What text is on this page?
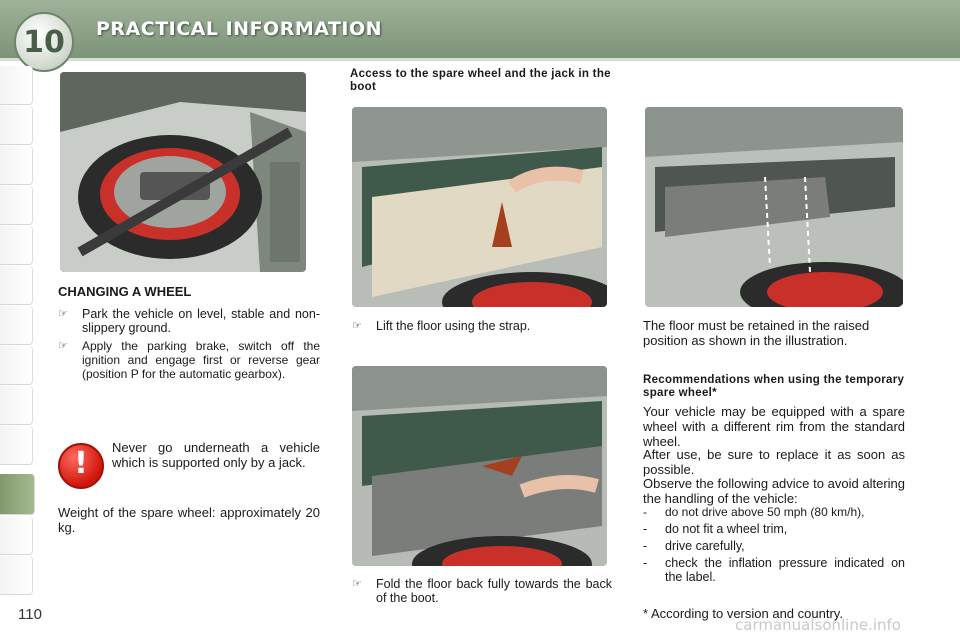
10 PRACTICAL INFORMATION
CHANGING A WHEEL
☞ Park the vehicle on level, stable and non-slippery ground.
☞ Apply the parking brake, switch off the ignition and engage first or reverse gear (position P for the automatic gearbox).
!	Never go underneath a vehicle which is supported only by a jack.
Weight of the spare wheel: approximately 20 kg.
Access to the spare wheel and the jack in the boot
☞ Lift the floor using the strap.
☞ Fold the floor back fully towards the back of the boot.
The floor must be retained in the raised position as shown in the illustration.
Recommendations when using the temporary spare wheel*
Your vehicle may be equipped with a spare wheel with a different rim from the standard wheel.
After use, be sure to replace it as soon as possible.
Observe the following advice to avoid altering the handling of the vehicle:
- do not drive above 50 mph (80 km/h),
- do not fit a wheel trim,
- drive carefully,
- check the inflation pressure indicated on the label.
* According to version and country.
110
carmanualsonline.info
